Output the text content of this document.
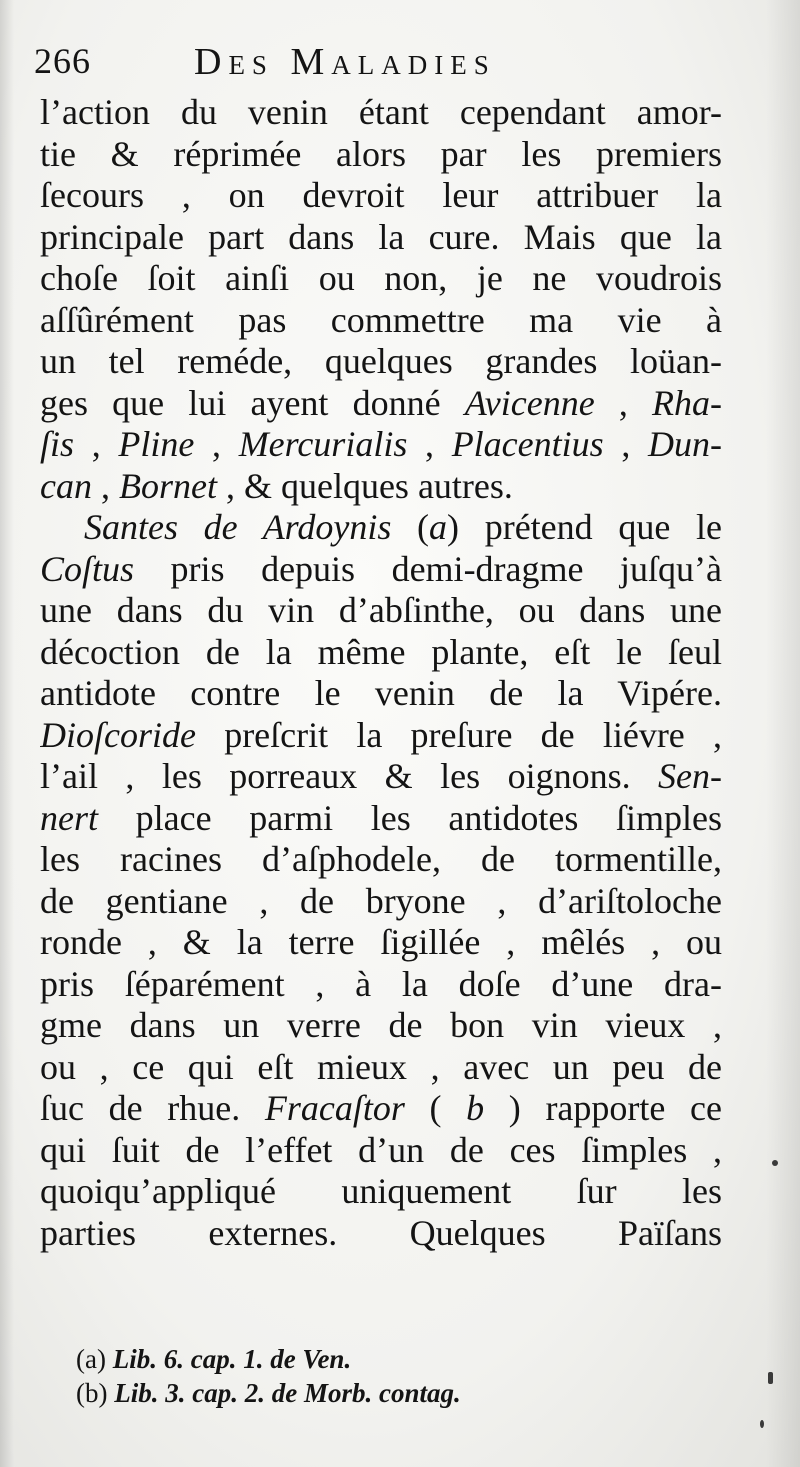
266	Des Maladies
l’action du venin étant cependant amor-
tie & réprimée alors par les premiers
ſecours , on devroit leur attribuer la
principale part dans la cure. Mais que la
choſe ſoit ainſi ou non, je ne voudrois
aſſûrément pas commettre ma vie à
un tel reméde, quelques grandes loüan-
ges que lui ayent donné Avicenne , Rha-
ſis , Pline , Mercurialis , Placentius , Dun-
can , Bornet , & quelques autres.
Santes de Ardoynis (a) prétend que le
Coſtus pris depuis demi-dragme juſqu’à
une dans du vin d’abſinthe, ou dans une
décoction de la même plante, eſt le ſeul
antidote contre le venin de la Vipére.
Dioſcoride preſcrit la preſure de liévre ,
l’ail , les porreaux & les oignons. Sen-
nert place parmi les antidotes ſimples
les racines d’aſphodele, de tormentille,
de gentiane , de bryone , d’ariſtoloche
ronde , & la terre ſigillée , mêlés , ou
pris ſéparément , à la doſe d’une dra-
gme dans un verre de bon vin vieux ,
ou , ce qui eſt mieux , avec un peu de
ſuc de rhue. Fracaſtor ( b ) rapporte ce
qui ſuit de l’effet d’un de ces ſimples ,
quoiqu’appliqué uniquement ſur les
parties externes. Quelques Païſans
(a) Lib. 6. cap. 1. de Ven.
(b) Lib. 3. cap. 2. de Morb. contag.
